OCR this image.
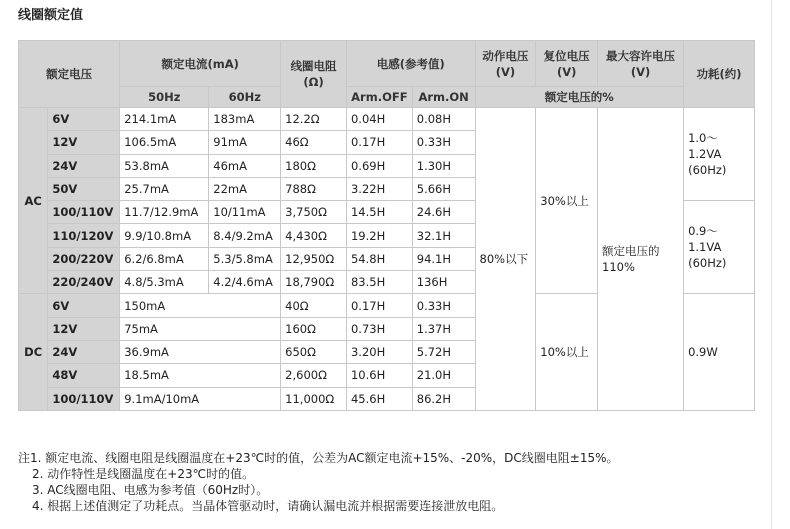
线圈额定值
额定电压		额定电流(mA)		线圈电阻(Ω)	电感(参考值)		动作电压(V)	复位电压(V)	最大容许电压(V)	功耗(约)
		50Hz	60Hz		Arm.OFF	Arm.ON	额定电压的%			
AC	6V	214.1mA	183mA	12.2Ω	0.04H	0.08H	80%以下	30%以上	额定电压的110%	1.0～1.2VA (60Hz)
	12V	106.5mA	91mA	46Ω	0.17H	0.33H				
	24V	53.8mA	46mA	180Ω	0.69H	1.30H				
	50V	25.7mA	22mA	788Ω	3.22H	5.66H				
	100/110V	11.7/12.9mA	10/11mA	3,750Ω	14.5H	24.6H				0.9～1.1VA (60Hz)
	110/120V	9.9/10.8mA	8.4/9.2mA	4,430Ω	19.2H	32.1H				
	200/220V	6.2/6.8mA	5.3/5.8mA	12,950Ω	54.8H	94.1H				
	220/240V	4.8/5.3mA	4.2/4.6mA	18,790Ω	83.5H	136H				
DC	6V	150mA		40Ω	0.17H	0.33H		10%以上		0.9W
	12V	75mA		160Ω	0.73H	1.37H				
	24V	36.9mA		650Ω	3.20H	5.72H				
	48V	18.5mA		2,600Ω	10.6H	21.0H				
	100/110V	9.1mA/10mA		11,000Ω	45.6H	86.2H				
注1. 额定电流、线圈电阻是线圈温度在+23℃时的值，公差为AC额定电流+15%、-20%，DC线圈电阻±15%。
2. 动作特性是线圈温度在+23℃时的值。
3. AC线圈电阻、电感为参考值（60Hz时）。
4. 根据上述值测定了功耗点。当晶体管驱动时，请确认漏电流并根据需要连接泄放电阻。
